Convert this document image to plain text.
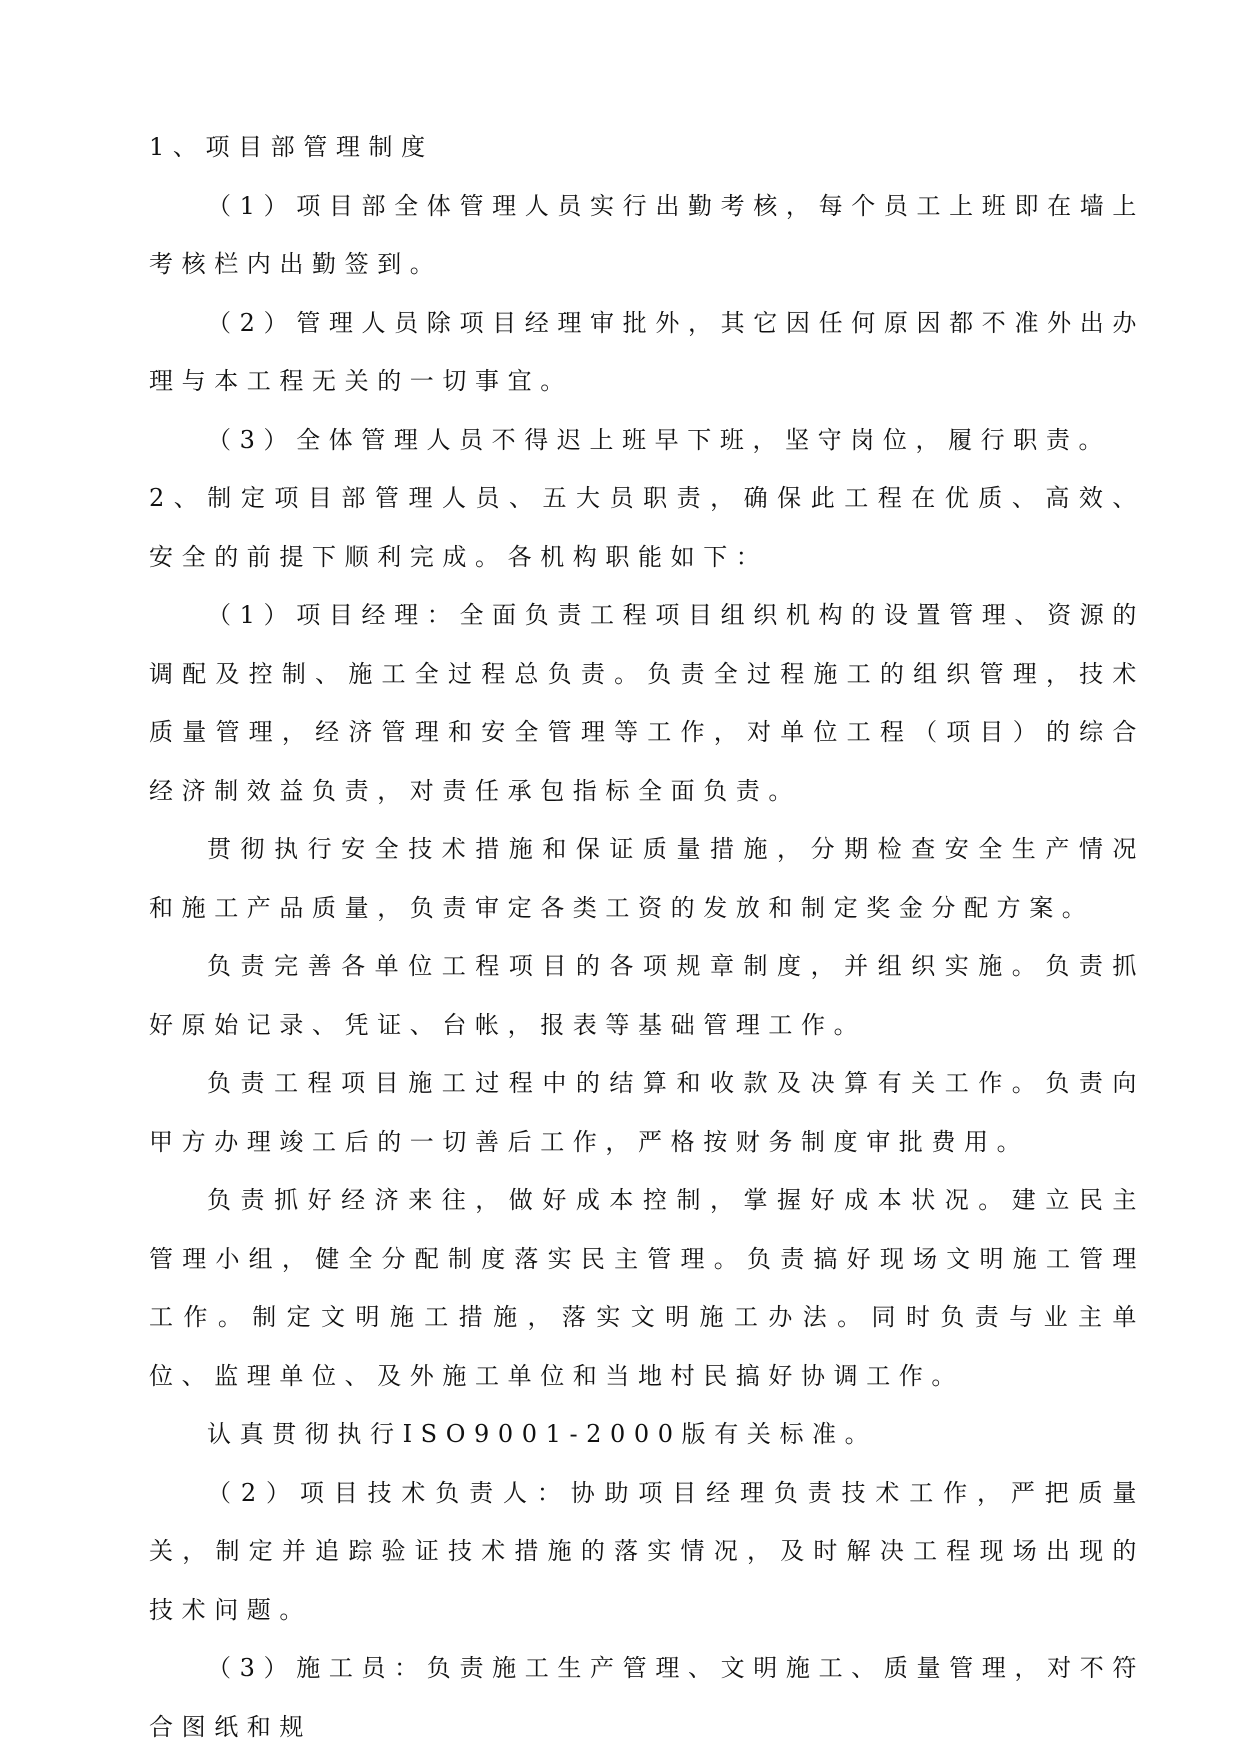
1、项目部管理制度

（1）项目部全体管理人员实行出勤考核，每个员工上班即在墙上考核栏内出勤签到。

（2）管理人员除项目经理审批外，其它因任何原因都不准外出办理与本工程无关的一切事宜。

（3）全体管理人员不得迟上班早下班，坚守岗位，履行职责。

2、制定项目部管理人员、五大员职责，确保此工程在优质、高效、安全的前提下顺利完成。各机构职能如下：

（1）项目经理：全面负责工程项目组织机构的设置管理、资源的调配及控制、施工全过程总负责。负责全过程施工的组织管理，技术质量管理，经济管理和安全管理等工作，对单位工程（项目）的综合经济制效益负责，对责任承包指标全面负责。

贯彻执行安全技术措施和保证质量措施，分期检查安全生产情况和施工产品质量，负责审定各类工资的发放和制定奖金分配方案。

负责完善各单位工程项目的各项规章制度，并组织实施。负责抓好原始记录、凭证、台帐，报表等基础管理工作。

负责工程项目施工过程中的结算和收款及决算有关工作。负责向甲方办理竣工后的一切善后工作，严格按财务制度审批费用。

负责抓好经济来往，做好成本控制，掌握好成本状况。建立民主管理小组，健全分配制度落实民主管理。负责搞好现场文明施工管理工作。制定文明施工措施，落实文明施工办法。同时负责与业主单位、监理单位、及外施工单位和当地村民搞好协调工作。

认真贯彻执行ISO9001-2000版有关标准。

（2）项目技术负责人：协助项目经理负责技术工作，严把质量关，制定并追踪验证技术措施的落实情况，及时解决工程现场出现的技术问题。

（3）施工员：负责施工生产管理、文明施工、质量管理，对不符合图纸和规
